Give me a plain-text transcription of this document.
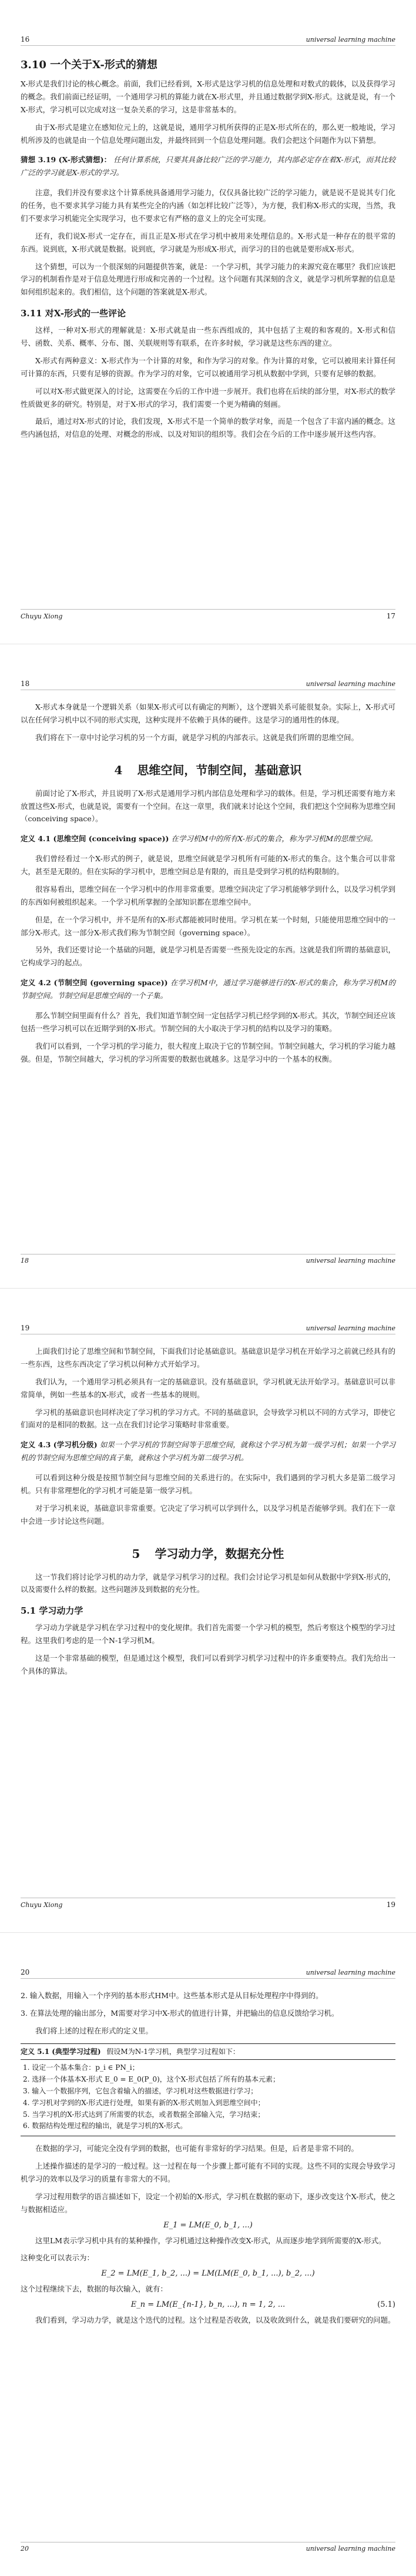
16	universal learning machine
3.10 一个关于X-形式的猜想

X-形式是我们讨论的核心概念。前面，我们已经看到，X-形式是这学习机的信息处理和对数式的载体，以及获得学习的概念。我们前面已经证明，一个通用学习机的算能力就在X-形式里，并且通过数据学到X-形式。这就是说，有一个X-形式，学习机可以完成对这一复杂关系的学习，这是非常基本的。

由于X-形式是建立在感知位元上的，这就是说，通用学习机所获得的正是X-形式所在的，那么更一般地说，学习机所涉及的也就是由一个信息处理问题出发，并最终回到一个信息处理问题。我们会把这个问题作为以下猜想。

猜想 3.19 (X-形式猜想)： 任何计算系统，只要其具备比较广泛的学习能力，其内部必定存在着X-形式，而其比较广泛的学习就是X-形式的学习。

注意，我们并没有要求这个计算系统具备通用学习能力，仅仅具备比较广泛的学习能力，就是说不是说其专门化的任务，也不要求其学习能力具有某些完全的内涵（如怎样比较广泛等），为方便，我们称X-形式的实现，当然，我们不要求学习机能完全实现学习，也不要求它有严格的意义上的完全可实现。

还有，我们说X-形式一定存在，而且正是X-形式在学习机中被用来处理信息的。X-形式是一种存在的很平常的东西。说到底，X-形式就是数据。说到底，学习就是为形成X-形式，而学习的目的也就是要形成X-形式。

这个猜想，可以为一个很深刻的问题提供答案，就是：一个学习机，其学习能力的来源究竟在哪里？我们应该把学习的机制看作是对于信息处理进行形成和完善的一个过程。这个问题有其深刻的含义，就是学习机所掌握的信息是如何组织起来的。我们相信，这个问题的答案就是X-形式。

3.11 对X-形式的一些评论

这样，一种对X-形式的理解就是：X-形式就是由一些东西组成的，其中包括了主观的和客观的。X-形式和信号、函数、关系、概率、分布、图、关联规则等有联系，在许多时候，学习就是这些东西的建立。

X-形式有两种意义：X-形式作为一个计算的对象，和作为学习的对象。作为计算的对象，它可以被用来计算任何可计算的东西，只要有足够的资源。作为学习的对象，它可以被通用学习机从数据中学到，只要有足够的数据。

可以对X-形式做更深入的讨论，这需要在今后的工作中进一步展开。我们也将在后续的部分里，对X-形式的数学性质做更多的研究。特别是，对于X-形式的学习，我们需要一个更为精确的刻画。

最后，通过对X-形式的讨论，我们发现，X-形式不是一个简单的数学对象，而是一个包含了丰富内涵的概念。这些内涵包括，对信息的处理、对概念的形成、以及对知识的组织等。我们会在今后的工作中逐步展开这些内容。

Chuyu Xiong	17
18	universal learning machine

X-形式本身就是一个逻辑关系（如果X-形式可以有确定的判断），这个逻辑关系可能很复杂。实际上，X-形式可以在任何学习机中以不同的形式实现，这种实现并不依赖于具体的硬件。这是学习的通用性的体现。

我们将在下一章中讨论学习机的另一个方面，就是学习机的内部表示。这就是我们所谓的思维空间。

4 思维空间，节制空间，基础意识

前面讨论了X-形式，并且说明了X-形式是通用学习机内部信息处理和学习的载体。但是，学习机还需要有地方来放置这些X-形式，也就是说，需要有一个空间。在这一章里，我们就来讨论这个空间，我们把这个空间称为思维空间（conceiving space）。

定义 4.1 (思维空间 (conceiving space)) 在学习机M中的所有X-形式的集合，称为学习机M的思维空间。

我们曾经看过一个X-形式的例子，就是说，思维空间就是学习机所有可能的X-形式的集合。这个集合可以非常大，甚至是无限的。但在实际的学习机中，思维空间总是有限的，而且是受到学习机的结构限制的。

很容易看出，思维空间在一个学习机中的作用非常重要。思维空间决定了学习机能够学到什么，以及学习机学到的东西如何被组织起来。一个学习机所掌握的全部知识都在思维空间中。

但是，在一个学习机中，并不是所有的X-形式都能被同时使用。学习机在某一个时刻，只能使用思维空间中的一部分X-形式。这一部分X-形式我们称为节制空间（governing space）。

另外，我们还要讨论一个基础的问题，就是学习机是否需要一些预先设定的东西。这就是我们所谓的基础意识，它构成学习的起点。

定义 4.2 (节制空间 (governing space)) 在学习机M中，通过学习能够进行的X-形式的集合，称为学习机M的节制空间。节制空间是思维空间的一个子集。

那么节制空间里面有什么？首先，我们知道节制空间一定包括学习机已经学到的X-形式。其次，节制空间还应该包括一些学习机可以在近期学到的X-形式。节制空间的大小取决于学习机的结构以及学习的策略。

我们可以看到，一个学习机的学习能力，很大程度上取决于它的节制空间。节制空间越大，学习机的学习能力越强。但是，节制空间越大，学习机的学习所需要的数据也就越多。这是学习中的一个基本的权衡。

18	universal learning machine
19	universal learning machine

上面我们讨论了思维空间和节制空间，下面我们讨论基础意识。基础意识是学习机在开始学习之前就已经具有的一些东西，这些东西决定了学习机以何种方式开始学习。

我们认为，一个通用学习机必须具有一定的基础意识。没有基础意识，学习机就无法开始学习。基础意识可以非常简单，例如一些基本的X-形式，或者一些基本的规则。

学习机的基础意识也同样决定了学习机的学习方式。不同的基础意识，会导致学习机以不同的方式学习，即使它们面对的是相同的数据。这一点在我们讨论学习策略时非常重要。

定义 4.3 (学习机分级) 如果一个学习机的节制空间等于思维空间，就称这个学习机为第一级学习机；如果一个学习机的节制空间为思维空间的真子集，就称这个学习机为第二级学习机。

可以看到这种分级是按照节制空间与思维空间的关系进行的。在实际中，我们遇到的学习机大多是第二级学习机。只有非常理想化的学习机才可能是第一级学习机。

对于学习机来说，基础意识非常重要。它决定了学习机可以学到什么，以及学习机是否能够学到。我们在下一章中会进一步讨论这些问题。

5 学习动力学，数据充分性

这一节我们将讨论学习机的动力学，就是学习机学习的过程。我们会讨论学习机是如何从数据中学到X-形式的，以及需要什么样的数据。这些问题涉及到数据的充分性。

5.1 学习动力学

学习动力学就是学习机在学习过程中的变化规律。我们首先需要一个学习机的模型，然后考察这个模型的学习过程。这里我们考虑的是一个N-1学习机M。

这是一个非常基础的模型，但是通过这个模型，我们可以看到学习机学习过程中的许多重要特点。我们先给出一个具体的算法。

Chuyu Xiong	19
20	universal learning machine

2. 输入数据，用输入一个序列的基本形式HM中。这些基本形式是从目标处理程序中得到的。

3. 在算法处理的输出部分，M需要对学习中X-形式的值进行计算，并把输出的信息反馈给学习机。

我们将上述的过程在形式的定义里。

定义 5.1 (典型学习过程) 假设M为N-1学习机，典型学习过程如下：
1. 设定一个基本集合：p_i ∈ PN_i；
2. 选择一个体基本X-形式 E_0 = E_0(P_0)，这个X-形式包括了所有的基本元素；
3. 输入一个数据序列，它包含着输入的描述，学习机对这些数据进行学习；
4. 学习机对学到的X-形式进行处理，如果有新的X-形式则加入到思维空间中；
5. 当学习机的X-形式达到了所需要的状态，或者数据全部输入完，学习结束；
6. 数据结构处理过程的输出，就是学习机的X-形式。

在数据的学习，可能完全没有学到的数据，也可能有非常好的学习结果。但是，后者是非常不同的。

上述操作描述的是学习的一般过程。这一过程在每一个步骤上都可能有不同的实现。这些不同的实现会导致学习机学习的效率以及学习的质量有非常大的不同。

学习过程用数学的语言描述如下，设定一个初始的X-形式，学习机在数据的驱动下，逐步改变这个X-形式，使之与数据相适应。

E_1 = LM(E_0, b_1, ...)

这里LM表示学习机中具有的某种操作，学习机通过这种操作改变X-形式，从而逐步地学到所需要的X-形式。

这种变化可以表示为：

E_2 = LM(E_1, b_2, ...) = LM(LM(E_0, b_1, ...), b_2, ...)

这个过程继续下去，数据的每次输入，就有：

E_n = LM(E_{n-1}, b_n, ...), n = 1, 2, ...	(5.1)

我们看到，学习动力学，就是这个迭代的过程。这个过程是否收敛，以及收敛到什么，就是我们要研究的问题。

20	universal learning machine
